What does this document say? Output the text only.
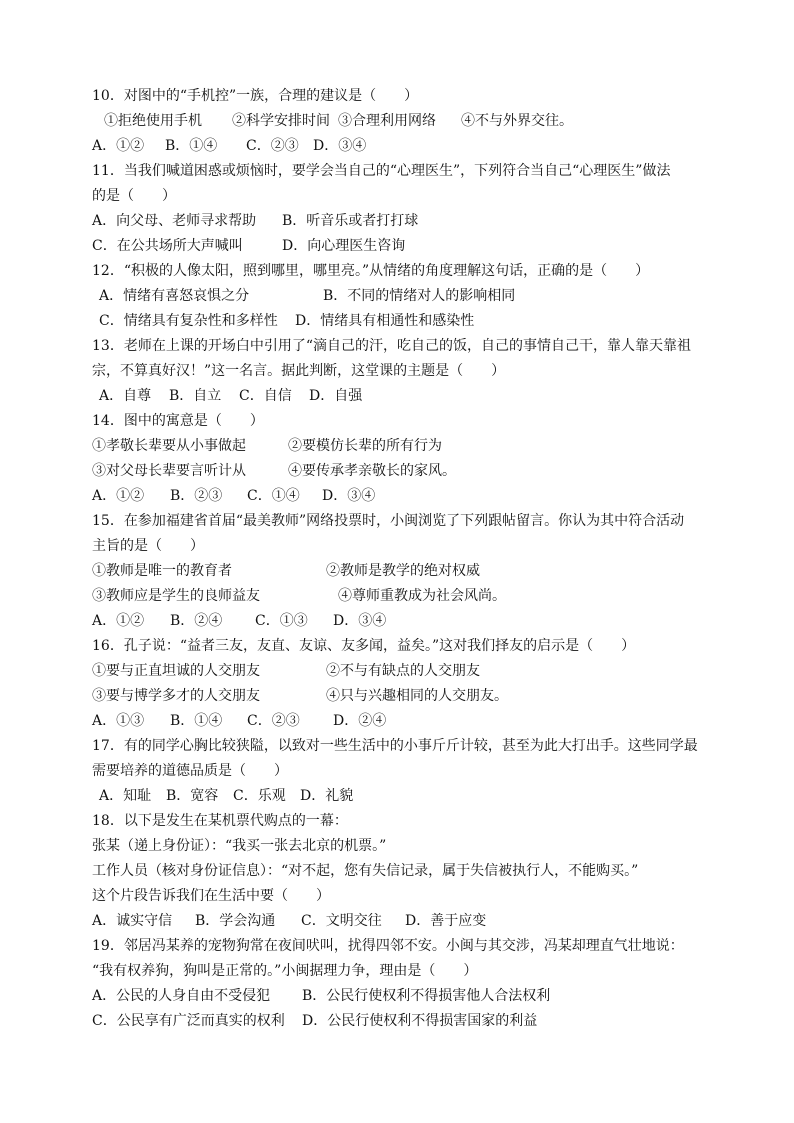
10．对图中的“手机控”一族，合理的建议是（　　）
①拒绝使用手机 ②科学安排时间 ③合理利用网络 ④不与外界交往。
A．①② B．①④ C．②③ D．③④
11．当我们喊道困惑或烦恼时，要学会当自己的“心理医生”，下列符合当自己“心理医生”做法
的是（　　）
A．向父母、老师寻求帮助 B．听音乐或者打打球
C．在公共场所大声喊叫	D．向心理医生咨询
12．“积极的人像太阳，照到哪里，哪里亮。”从情绪的角度理解这句话，正确的是（　　）
A．情绪有喜怒哀惧之分	B．不同的情绪对人的影响相同
C．情绪具有复杂性和多样性 D．情绪具有相通性和感染性
13．老师在上课的开场白中引用了“滴自己的汗，吃自己的饭，自己的事情自己干，靠人靠天靠祖
宗，不算真好汉！”这一名言。据此判断，这堂课的主题是（　　）
A．自尊 B．自立 C．自信 D．自强
14．图中的寓意是（　　）
①孝敬长辈要从小事做起	②要模仿长辈的所有行为
③对父母长辈要言听计从	④要传承孝亲敬长的家风。
A．①② B．②③ C．①④ D．③④
15．在参加福建省首届“最美教师”网络投票时，小闽浏览了下列跟帖留言。你认为其中符合活动
主旨的是（　　）
①教师是唯一的教育者	②教师是教学的绝对权威
③教师应是学生的良师益友	④尊师重教成为社会风尚。
A．①② B．②④ C．①③ D．③④
16．孔子说：“益者三友，友直、友谅、友多闻，益矣。”这对我们择友的启示是（　　）
①要与正直坦诚的人交朋友	②不与有缺点的人交朋友
③要与博学多才的人交朋友	④只与兴趣相同的人交朋友。
A．①③ B．①④ C．②③ D．②④
17．有的同学心胸比较狭隘，以致对一些生活中的小事斤斤计较，甚至为此大打出手。这些同学最
需要培养的道德品质是（　　）
A．知耻 B．宽容 C．乐观 D．礼貌
18．以下是发生在某机票代购点的一幕：
张某（递上身份证）：“我买一张去北京的机票。”
工作人员（核对身份证信息）：“对不起，您有失信记录，属于失信被执行人，不能购买。”
这个片段告诉我们在生活中要（　　）
A．诚实守信 B．学会沟通 C．文明交往 D．善于应变
19．邻居冯某养的宠物狗常在夜间吠叫，扰得四邻不安。小闽与其交涉，冯某却理直气壮地说：
“我有权养狗，狗叫是正常的。”小闽据理力争，理由是（　　）
A．公民的人身自由不受侵犯 B．公民行使权利不得损害他人合法权利
C．公民享有广泛而真实的权利 D．公民行使权利不得损害国家的利益
